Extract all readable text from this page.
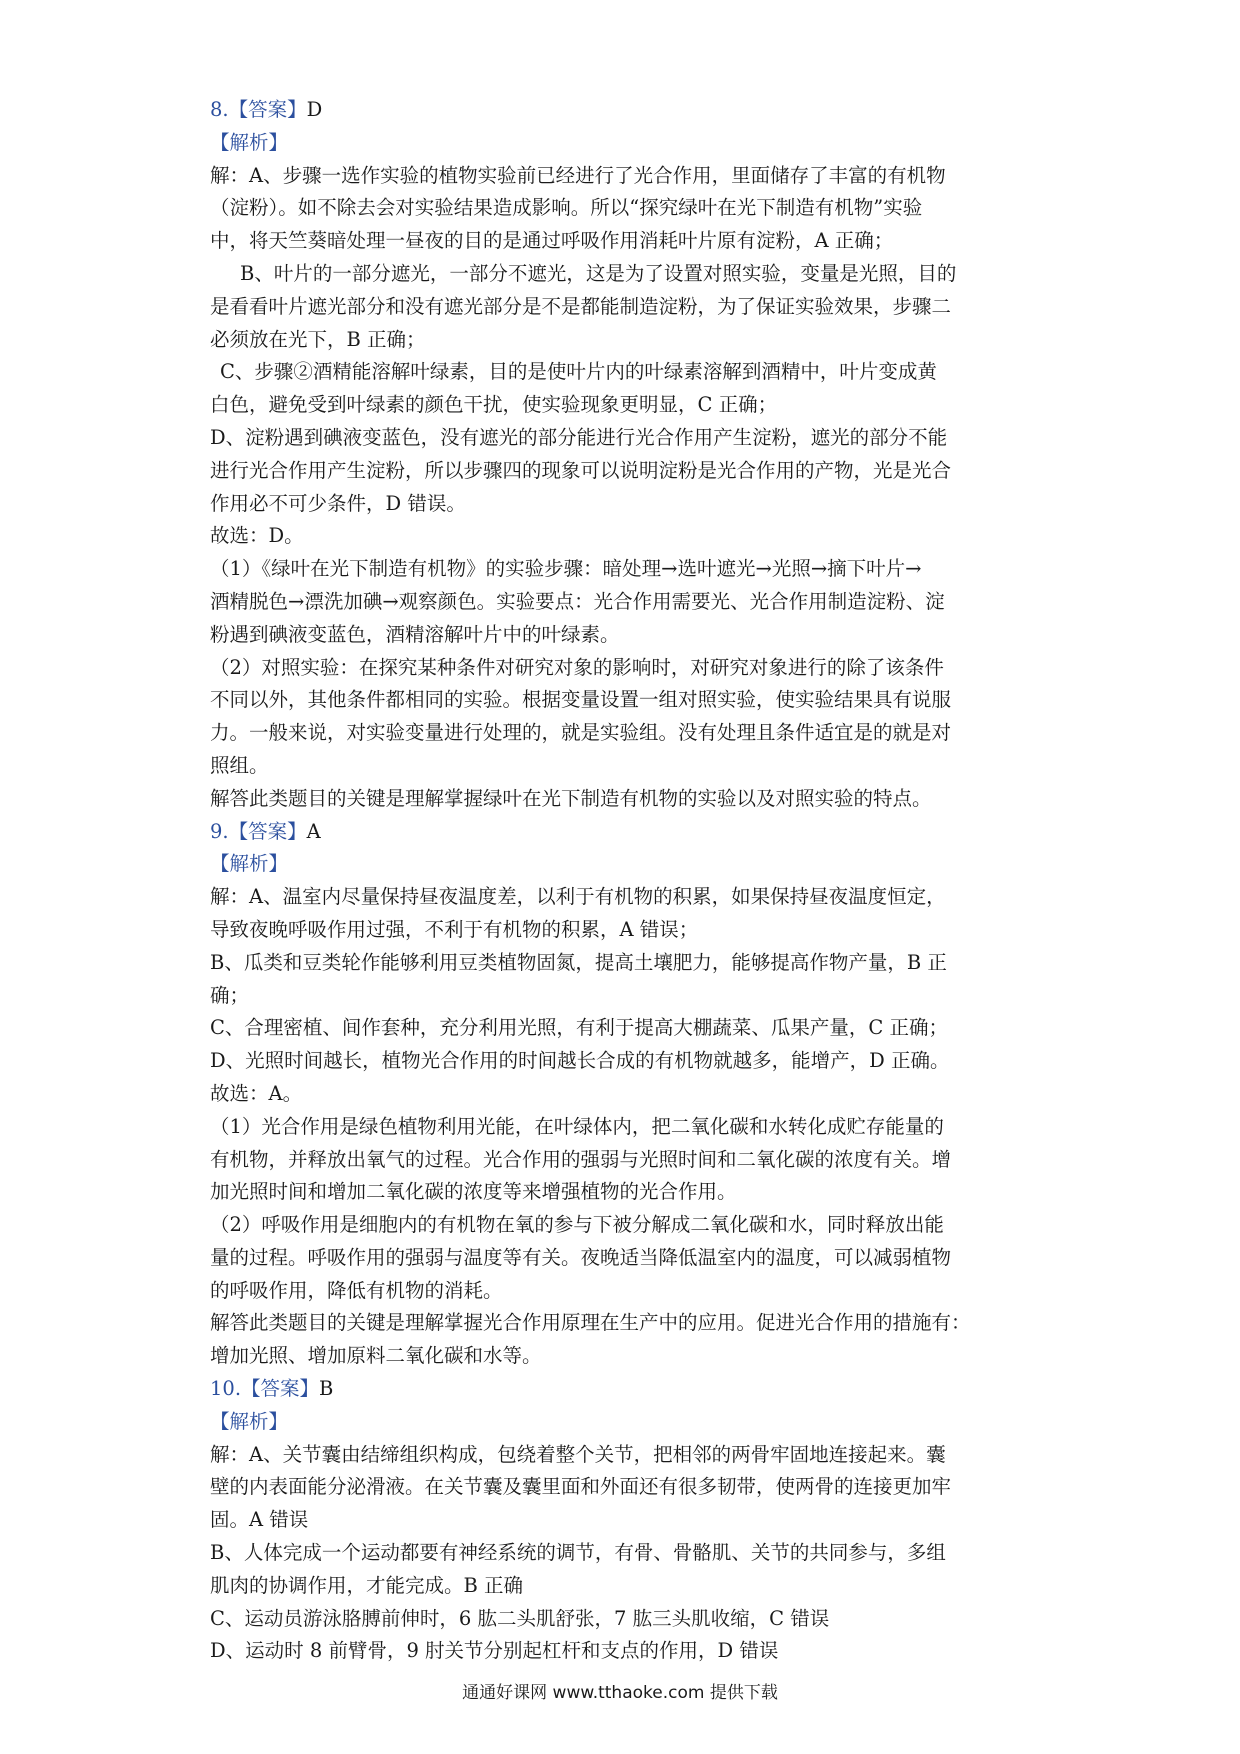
8.【答案】D
【解析】
解：A、步骤一选作实验的植物实验前已经进行了光合作用，里面储存了丰富的有机物
（淀粉）。如不除去会对实验结果造成影响。所以“探究绿叶在光下制造有机物”实验
中，将天竺葵暗处理一昼夜的目的是通过呼吸作用消耗叶片原有淀粉，A 正确；
B、叶片的一部分遮光，一部分不遮光，这是为了设置对照实验，变量是光照，目的
是看看叶片遮光部分和没有遮光部分是不是都能制造淀粉，为了保证实验效果，步骤二
必须放在光下，B 正确；
C、步骤②酒精能溶解叶绿素，目的是使叶片内的叶绿素溶解到酒精中，叶片变成黄
白色，避免受到叶绿素的颜色干扰，使实验现象更明显，C 正确；
D、淀粉遇到碘液变蓝色，没有遮光的部分能进行光合作用产生淀粉，遮光的部分不能
进行光合作用产生淀粉，所以步骤四的现象可以说明淀粉是光合作用的产物，光是光合
作用必不可少条件，D 错误。
故选：D。
（1）《绿叶在光下制造有机物》的实验步骤：暗处理→选叶遮光→光照→摘下叶片→
酒精脱色→漂洗加碘→观察颜色。实验要点：光合作用需要光、光合作用制造淀粉、淀
粉遇到碘液变蓝色，酒精溶解叶片中的叶绿素。
（2）对照实验：在探究某种条件对研究对象的影响时，对研究对象进行的除了该条件
不同以外，其他条件都相同的实验。根据变量设置一组对照实验，使实验结果具有说服
力。一般来说，对实验变量进行处理的，就是实验组。没有处理且条件适宜是的就是对
照组。
解答此类题目的关键是理解掌握绿叶在光下制造有机物的实验以及对照实验的特点。
9.【答案】A
【解析】
解：A、温室内尽量保持昼夜温度差，以利于有机物的积累，如果保持昼夜温度恒定，
导致夜晚呼吸作用过强，不利于有机物的积累，A 错误；
B、瓜类和豆类轮作能够利用豆类植物固氮，提高土壤肥力，能够提高作物产量，B 正
确；
C、合理密植、间作套种，充分利用光照，有利于提高大棚蔬菜、瓜果产量，C 正确；
D、光照时间越长，植物光合作用的时间越长合成的有机物就越多，能增产，D 正确。
故选：A。
（1）光合作用是绿色植物利用光能，在叶绿体内，把二氧化碳和水转化成贮存能量的
有机物，并释放出氧气的过程。光合作用的强弱与光照时间和二氧化碳的浓度有关。增
加光照时间和增加二氧化碳的浓度等来增强植物的光合作用。
（2）呼吸作用是细胞内的有机物在氧的参与下被分解成二氧化碳和水，同时释放出能
量的过程。呼吸作用的强弱与温度等有关。夜晚适当降低温室内的温度，可以减弱植物
的呼吸作用，降低有机物的消耗。
解答此类题目的关键是理解掌握光合作用原理在生产中的应用。促进光合作用的措施有：
增加光照、增加原料二氧化碳和水等。
10.【答案】B
【解析】
解：A、关节囊由结缔组织构成，包绕着整个关节，把相邻的两骨牢固地连接起来。囊
壁的内表面能分泌滑液。在关节囊及囊里面和外面还有很多韧带，使两骨的连接更加牢
固。A 错误
B、人体完成一个运动都要有神经系统的调节，有骨、骨骼肌、关节的共同参与，多组
肌肉的协调作用，才能完成。B 正确
C、运动员游泳胳膊前伸时，6 肱二头肌舒张，7 肱三头肌收缩，C 错误
D、运动时 8 前臂骨，9 肘关节分别起杠杆和支点的作用，D 错误
通通好课网 www.tthaoke.com 提供下载
